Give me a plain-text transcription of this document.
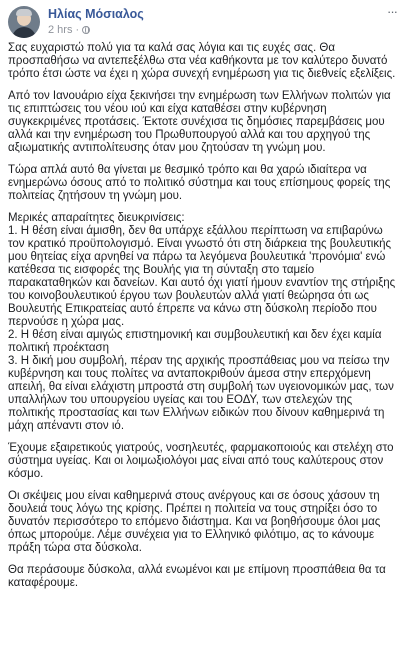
Ηλίας Μόσιαλος
2 hrs ·
···

Σας ευχαριστώ πολύ για τα καλά σας λόγια και τις ευχές σας. Θα προσπαθήσω να αντεπεξέλθω στα νέα καθήκοντα με τον καλύτερο δυνατό τρόπο έτσι ώστε να έχει η χώρα συνεχή ενημέρωση για τις διεθνείς εξελίξεις.

Από τον Ιανουάριο είχα ξεκινήσει την ενημέρωση των Ελλήνων πολιτών για τις επιπτώσεις του νέου ιού και είχα καταθέσει στην κυβέρνηση συγκεκριμένες προτάσεις. Έκτοτε συνέχισα τις δημόσιες παρεμβάσεις μου αλλά και την ενημέρωση του Πρωθυπουργού αλλά και του αρχηγού της αξιωματικής αντιπολίτευσης όταν μου ζητούσαν τη γνώμη μου.

Τώρα απλά αυτό θα γίνεται με θεσμικό τρόπο και θα χαρώ ιδιαίτερα να ενημερώνω όσους από το πολιτικό σύστημα και τους επίσημους φορείς της πολιτείας ζητήσουν τη γνώμη μου.

Μερικές απαραίτητες διευκρινίσεις:
1. Η θέση είναι άμισθη, δεν θα υπάρχε εξάλλου περίπτωση να επιβαρύνω τον κρατικό προϋπολογισμό. Είναι γνωστό ότι στη διάρκεια της βουλευτικής μου θητείας είχα αρνηθεί να πάρω τα λεγόμενα βουλευτικά 'προνόμια' ενώ κατέθεσα τις εισφορές της Βουλής για τη σύνταξη στο ταμείο παρακαταθηκών και δανείων. Και αυτό όχι γιατί ήμουν εναντίον της στήριξης του κοινοβουλευτικού έργου των βουλευτών αλλά γιατί θεώρησα ότι ως Βουλευτής Επικρατείας αυτό έπρεπε να κάνω στη δύσκολη περίοδο που περνούσε η χώρα μας.
2. Η θέση είναι αμιγώς επιστημονική και συμβουλευτική και δεν έχει καμία πολιτική προέκταση
3. Η δική μου συμβολή, πέραν της αρχικής προσπάθειας μου να πείσω την κυβέρνηση και τους πολίτες να ανταποκριθούν άμεσα στην επερχόμενη απειλή, θα είναι ελάχιστη μπροστά στη συμβολή των υγειονομικών μας, των υπαλλήλων του υπουργείου υγείας και του ΕΟΔΥ, των στελεχών της πολιτικής προστασίας και των Ελλήνων ειδικών που δίνουν καθημερινά τη μάχη απέναντι στον ιό.

Έχουμε εξαιρετικούς γιατρούς, νοσηλευτές, φαρμακοποιούς και στελέχη στο σύστημα υγείας. Και οι λοιμωξιολόγοι μας είναι από τους καλύτερους στον κόσμο.

Οι σκέψεις μου είναι καθημερινά στους ανέργους και σε όσους χάσουν τη δουλειά τους λόγω της κρίσης. Πρέπει η πολιτεία να τους στηρίξει όσο το δυνατόν περισσότερο το επόμενο διάστημα. Και να βοηθήσουμε όλοι μας όπως μπορούμε. Λέμε συνέχεια για το Ελληνικό φιλότιμο, ας το κάνουμε πράξη τώρα στα δύσκολα.

Θα περάσουμε δύσκολα, αλλά ενωμένοι και με επίμονη προσπάθεια θα τα καταφέρουμε.
